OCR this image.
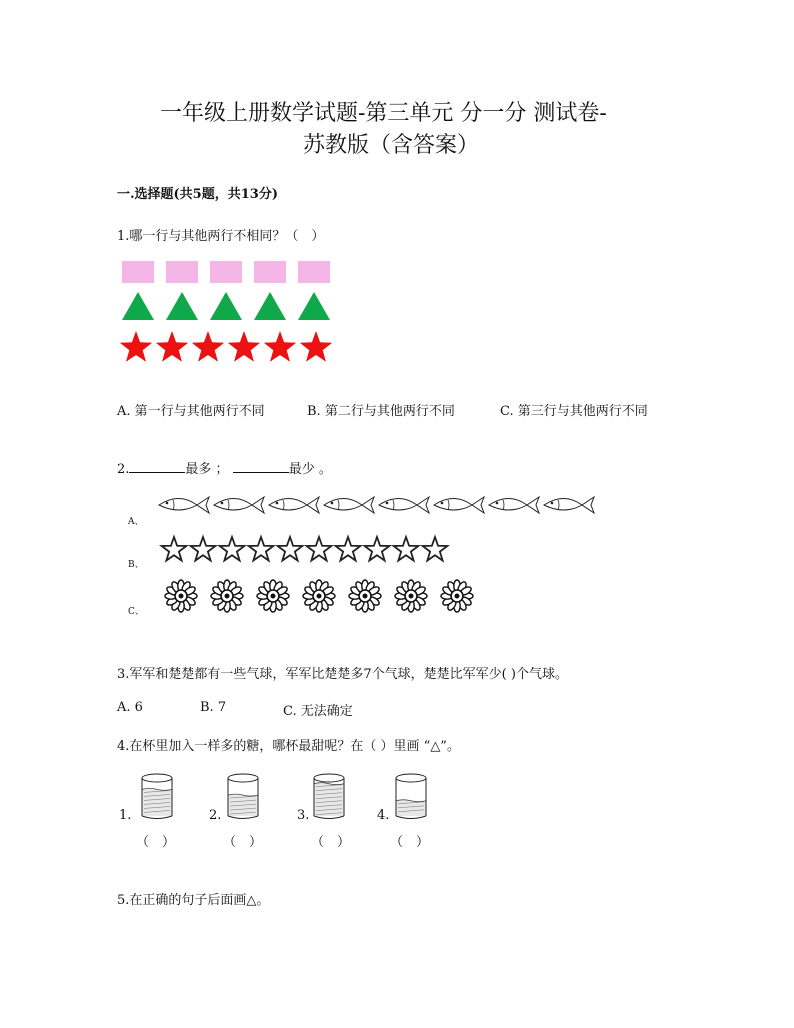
一年级上册数学试题-第三单元 分一分 测试卷-
苏教版（含答案）
一.选择题(共5题，共13分)
1.哪一行与其他两行不相同？（　）
A. 第一行与其他两行不同	B. 第二行与其他两行不同	C. 第三行与其他两行不同
2.	最多 ；	最少 。
A、
B、
C、
3.军军和楚楚都有一些气球，军军比楚楚多7个气球，楚楚比军军少( )个气球。
A. 6	B. 7	C. 无法确定
4.在杯里加入一样多的糖，哪杯最甜呢？在（ ）里画 “△”。
1.	2.	3.	4.
（　）	（　）	（　）	（　）
5.在正确的句子后面画△。
